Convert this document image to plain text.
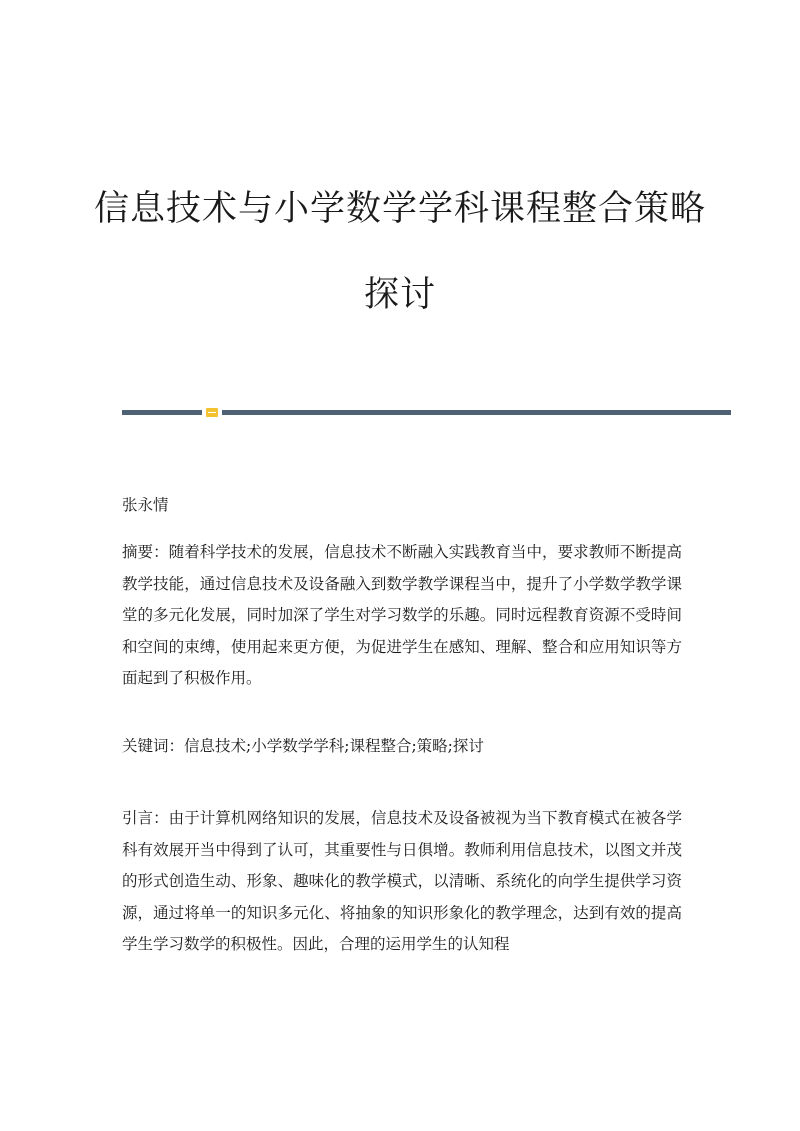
信息技术与小学数学学科课程整合策略
探讨

张永情

摘要：随着科学技术的发展，信息技术不断融入实践教育当中，要求教师不断提高教学技能，通过信息技术及设备融入到数学教学课程当中，提升了小学数学教学课堂的多元化发展，同时加深了学生对学习数学的乐趣。同时远程教育资源不受時间和空间的束缚，使用起来更方便，为促进学生在感知、理解、整合和应用知识等方面起到了积极作用。

关键词：信息技术;小学数学学科;课程整合;策略;探讨

引言：由于计算机网络知识的发展，信息技术及设备被视为当下教育模式在被各学科有效展开当中得到了认可，其重要性与日俱增。教师利用信息技术，以图文并茂的形式创造生动、形象、趣味化的教学模式，以清晰、系统化的向学生提供学习资源，通过将单一的知识多元化、将抽象的知识形象化的教学理念，达到有效的提高学生学习数学的积极性。因此，合理的运用学生的认知程
